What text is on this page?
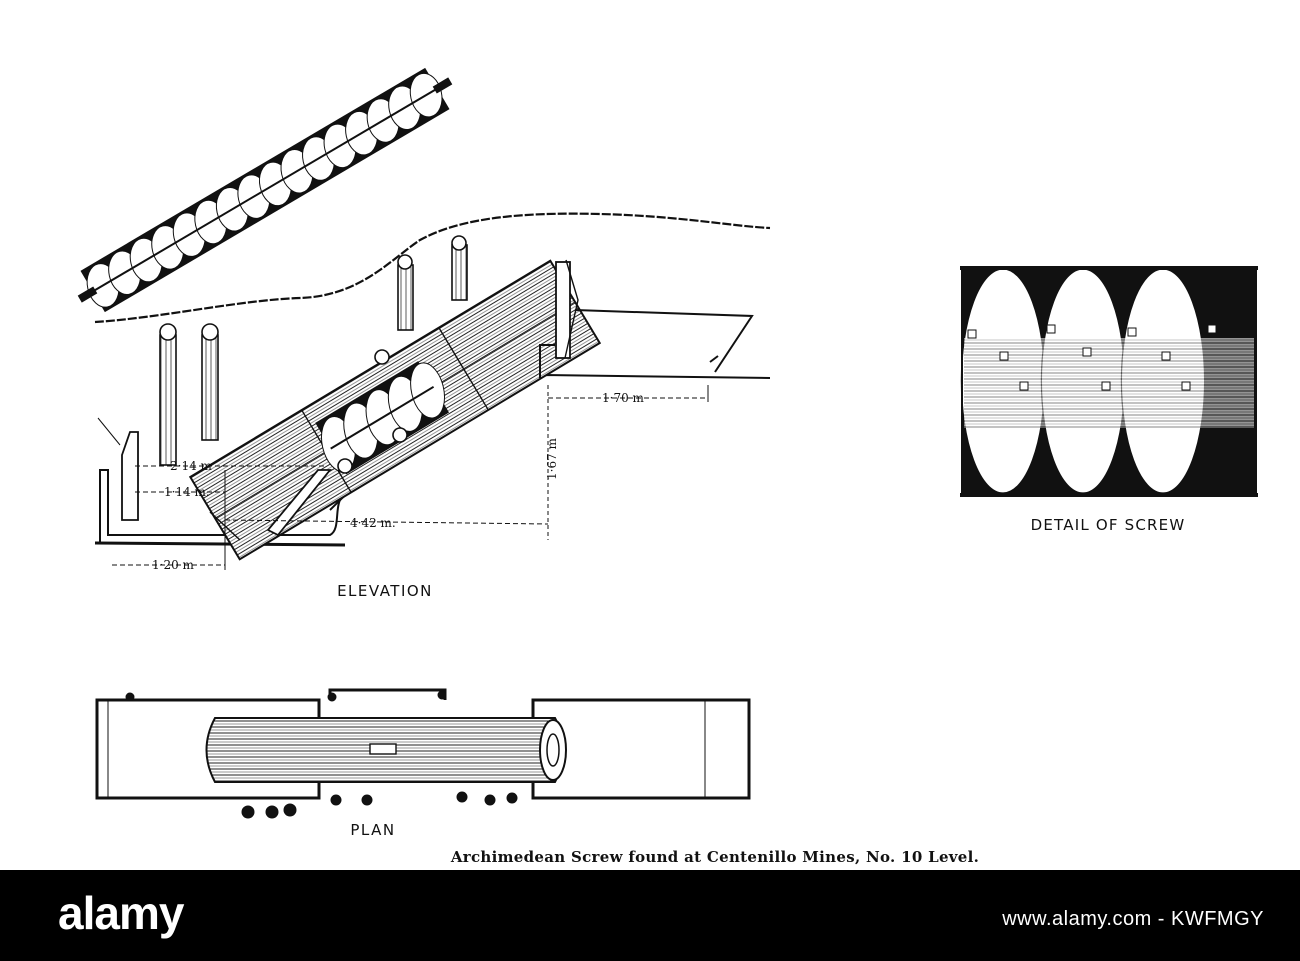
1·70 m
1·67 m
2·14 m
1·14 m.
4·42 m.
1·20 m
ELEVATION
DETAIL OF SCREW
PLAN
Archimedean Screw found at Centenillo Mines, No. 10 Level.

alamy	www.alamy.com - KWFMGY
